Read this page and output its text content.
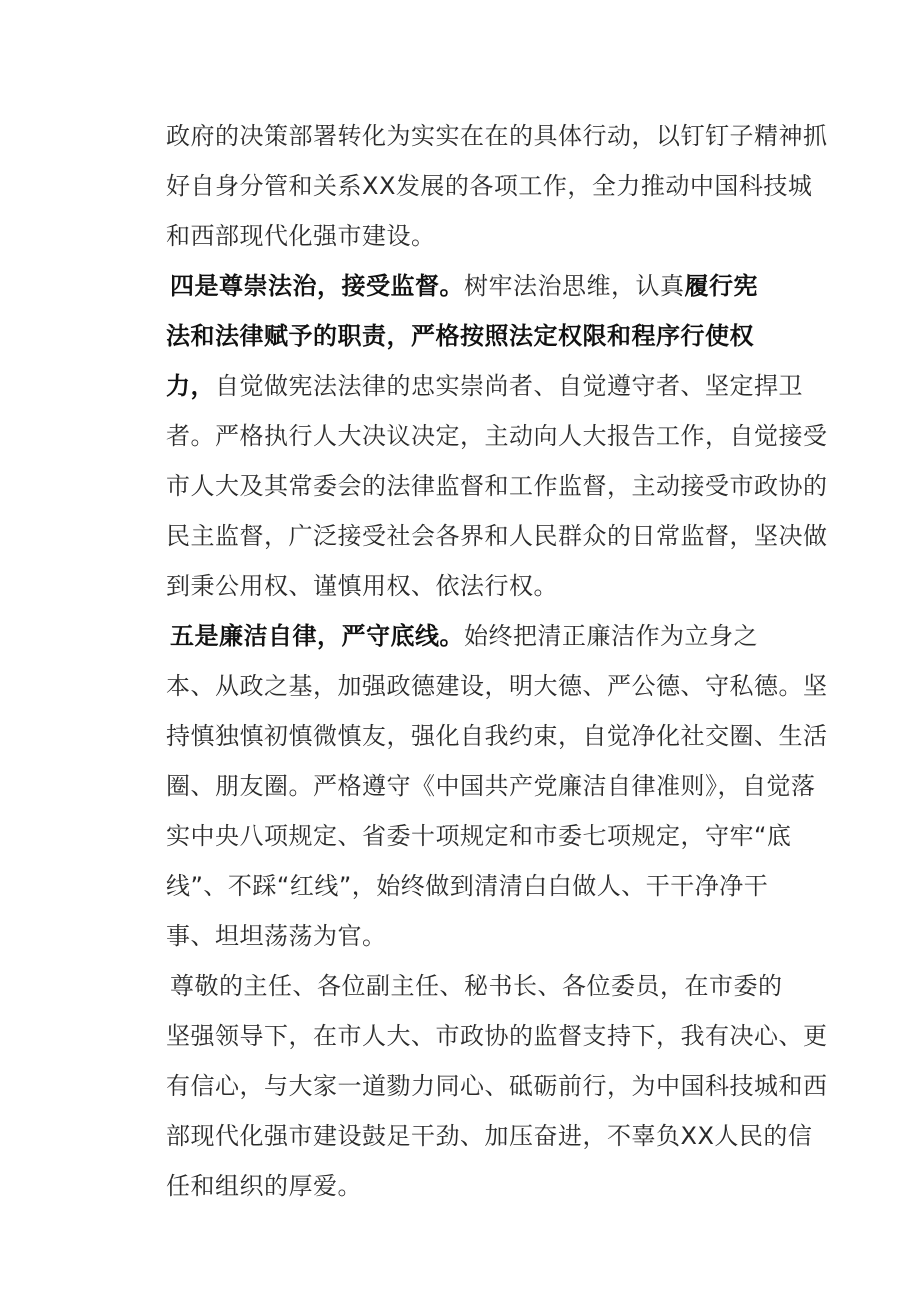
政府的决策部署转化为实实在在的具体行动，以钉钉子精神抓
好自身分管和关系XX发展的各项工作，全力推动中国科技城
和西部现代化强市建设。
四是尊崇法治，接受监督。树牢法治思维，认真履行宪
法和法律赋予的职责，严格按照法定权限和程序行使权
力，自觉做宪法法律的忠实崇尚者、自觉遵守者、坚定捍卫
者。严格执行人大决议决定，主动向人大报告工作，自觉接受
市人大及其常委会的法律监督和工作监督，主动接受市政协的
民主监督，广泛接受社会各界和人民群众的日常监督，坚决做
到秉公用权、谨慎用权、依法行权。
五是廉洁自律，严守底线。始终把清正廉洁作为立身之
本、从政之基，加强政德建设，明大德、严公德、守私德。坚
持慎独慎初慎微慎友，强化自我约束，自觉净化社交圈、生活
圈、朋友圈。严格遵守《中国共产党廉洁自律准则》，自觉落
实中央八项规定、省委十项规定和市委七项规定，守牢“底
线”、不踩“红线”，始终做到清清白白做人、干干净净干
事、坦坦荡荡为官。
尊敬的主任、各位副主任、秘书长、各位委员，在市委的
坚强领导下，在市人大、市政协的监督支持下，我有决心、更
有信心，与大家一道勠力同心、砥砺前行，为中国科技城和西
部现代化强市建设鼓足干劲、加压奋进，不辜负XX人民的信
任和组织的厚爱。
